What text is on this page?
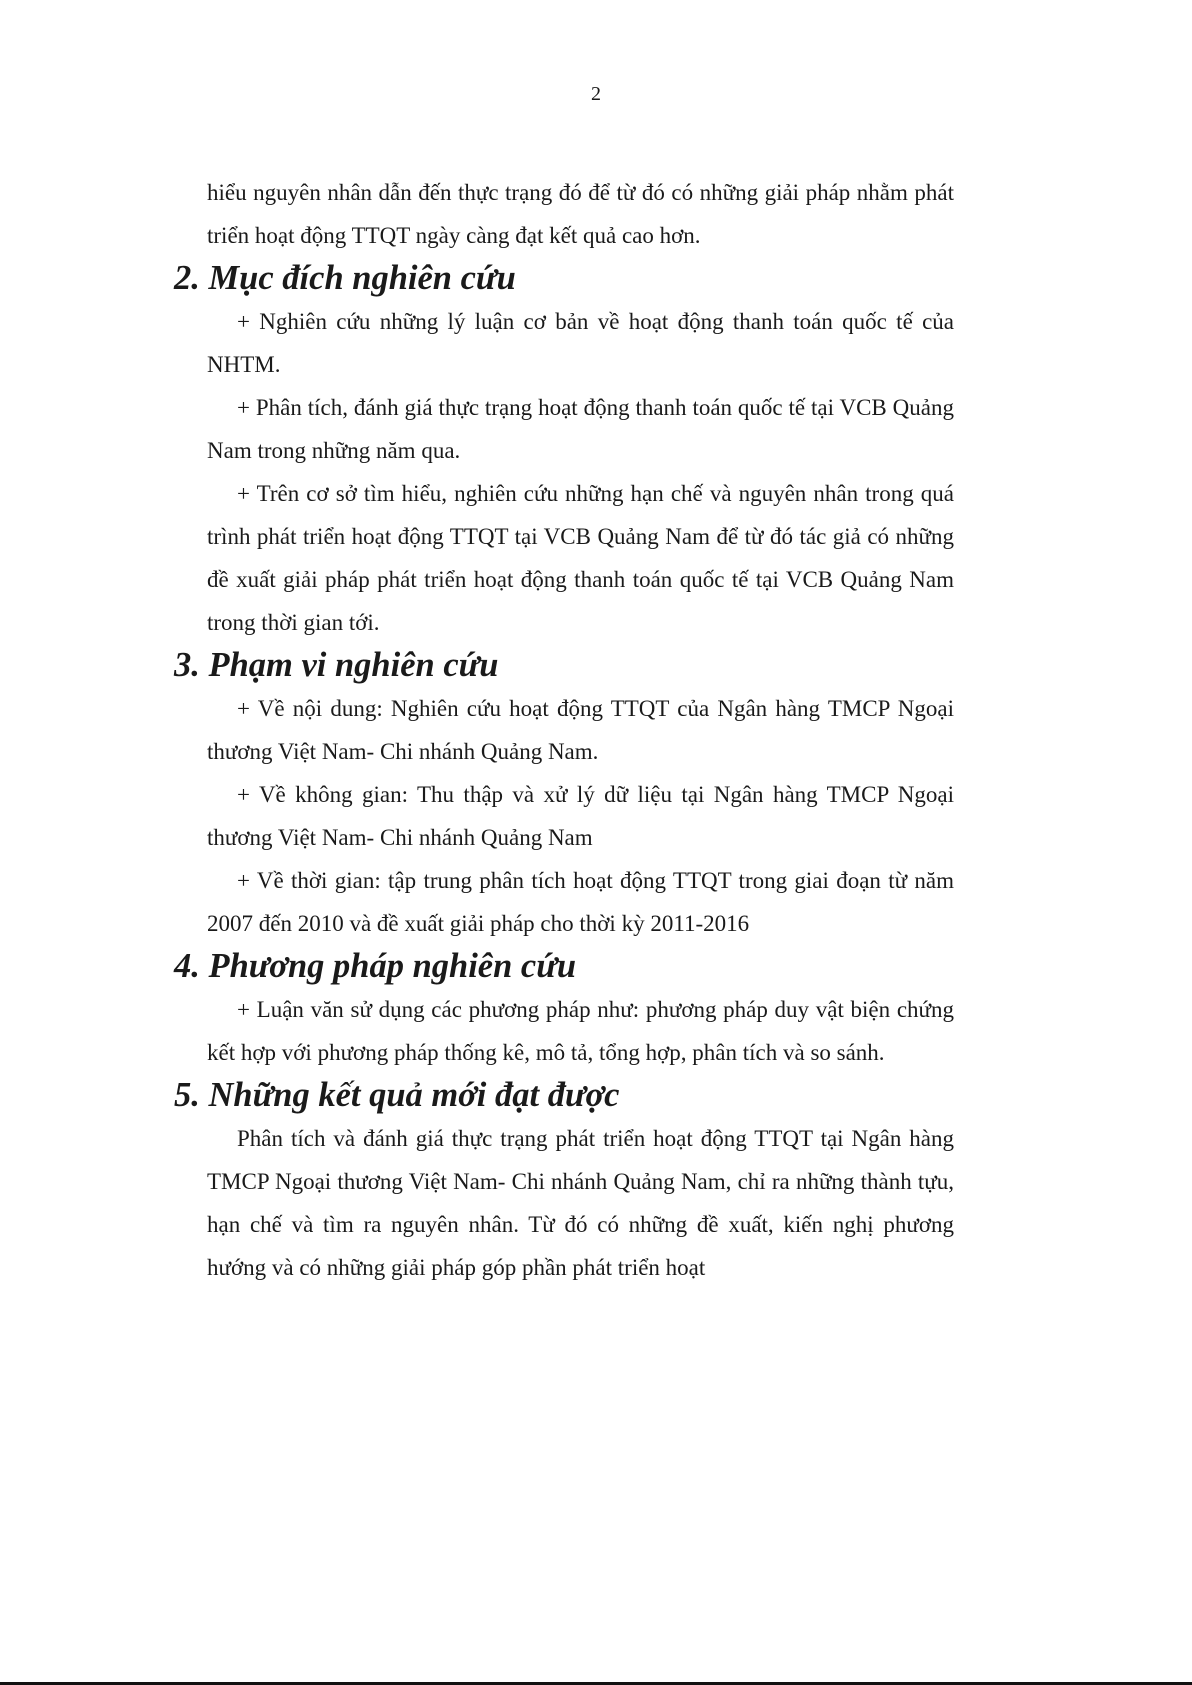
2

hiểu nguyên nhân dẫn đến thực trạng đó để từ đó có những giải pháp nhằm phát triển hoạt động TTQT ngày càng đạt kết quả cao hơn.

2. Mục đích nghiên cứu

+ Nghiên cứu những lý luận cơ bản về hoạt động thanh toán quốc tế của NHTM.

+ Phân tích, đánh giá thực trạng hoạt động thanh toán quốc tế tại VCB Quảng Nam trong những năm qua.

+ Trên cơ sở tìm hiểu, nghiên cứu những hạn chế và nguyên nhân trong quá trình phát triển hoạt động TTQT tại VCB Quảng Nam để từ đó tác giả có những đề xuất giải pháp phát triển hoạt động thanh toán quốc tế tại VCB Quảng Nam trong thời gian tới.

3. Phạm vi nghiên cứu

+ Về nội dung: Nghiên cứu hoạt động TTQT của Ngân hàng TMCP Ngoại thương Việt Nam- Chi nhánh Quảng Nam.

+ Về không gian: Thu thập và xử lý dữ liệu tại Ngân hàng TMCP Ngoại thương Việt Nam- Chi nhánh Quảng Nam

+ Về thời gian: tập trung phân tích hoạt động TTQT trong giai đoạn từ năm 2007 đến 2010 và đề xuất giải pháp cho thời kỳ 2011-2016

4. Phương pháp nghiên cứu

+ Luận văn sử dụng các phương pháp như: phương pháp duy vật biện chứng kết hợp với phương pháp thống kê, mô tả, tổng hợp, phân tích và so sánh.

5. Những kết quả mới đạt được

Phân tích và đánh giá thực trạng phát triển hoạt động TTQT tại Ngân hàng TMCP Ngoại thương Việt Nam- Chi nhánh Quảng Nam, chỉ ra những thành tựu, hạn chế và tìm ra nguyên nhân. Từ đó có những đề xuất, kiến nghị phương hướng và có những giải pháp góp phần phát triển hoạt
